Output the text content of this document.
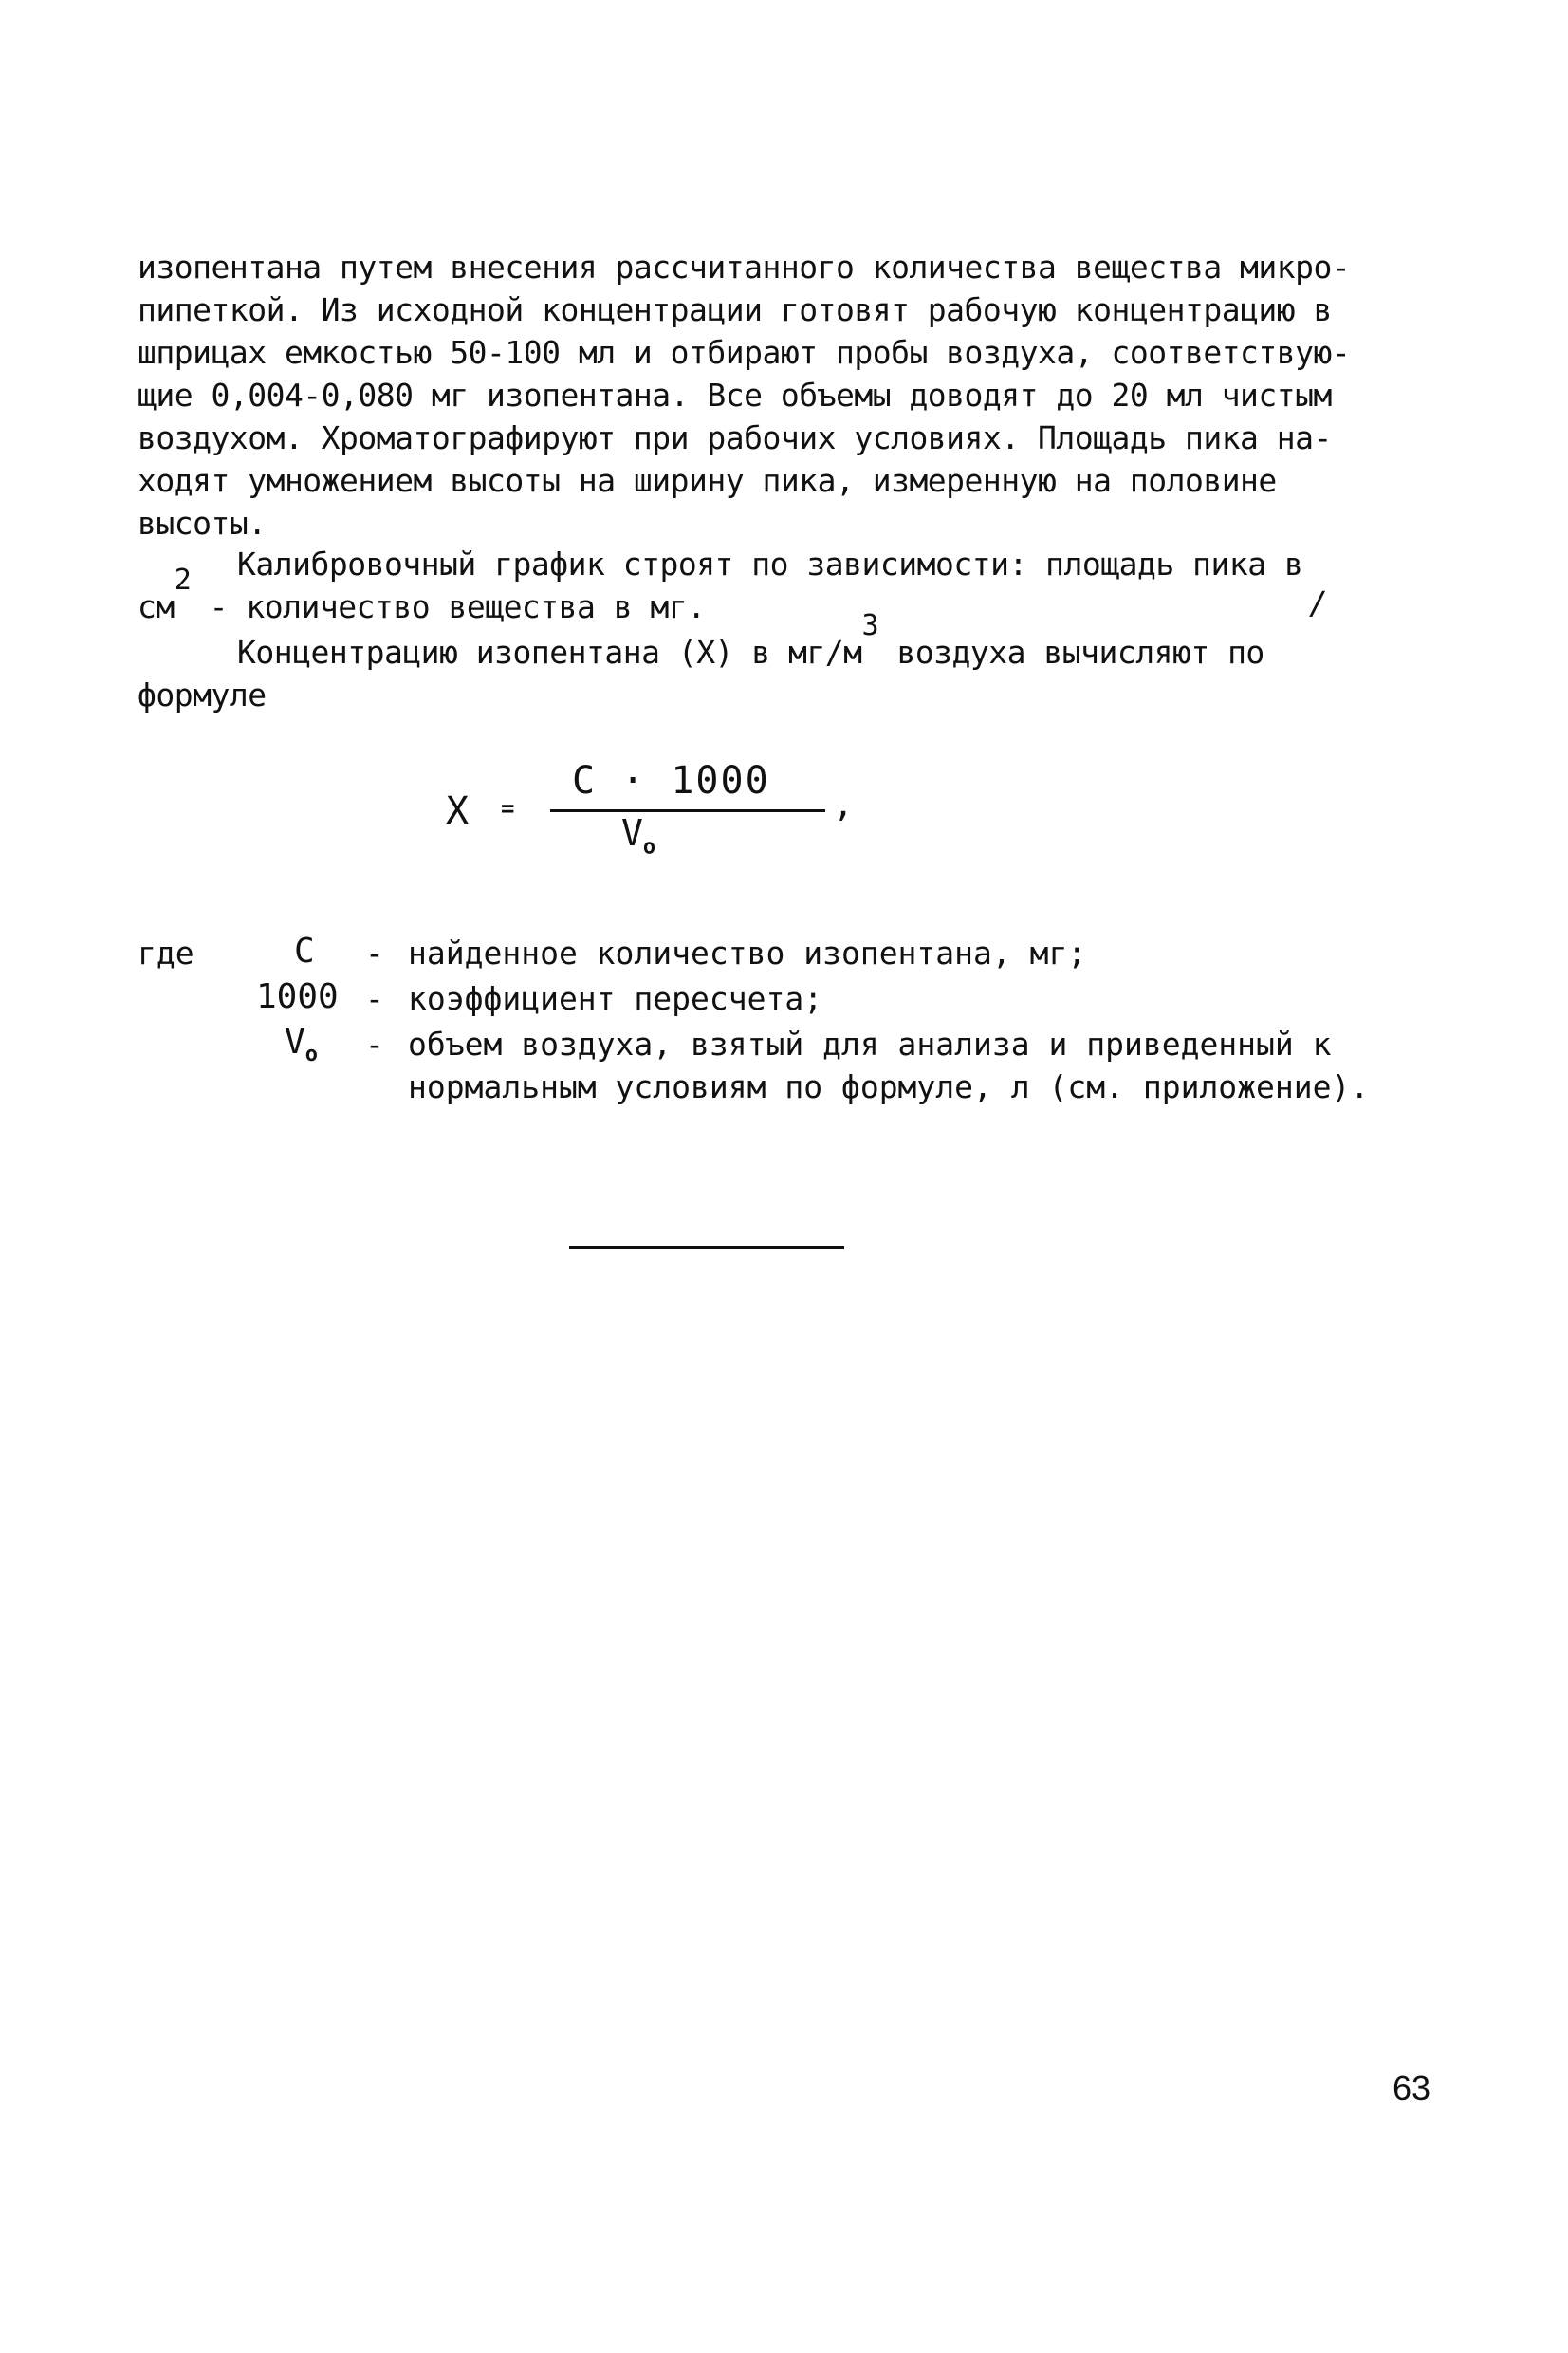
изопентана путем внесения рассчитанного количества вещества микро-
пипеткой. Из исходной концентрации готовят рабочую концентрацию в
шприцах емкостью 50-100 мл и отбирают пробы воздуха, соответствую-
щие 0,004-0,080 мг изопентана. Все объемы доводят до 20 мл чистым
воздухом. Хроматографируют при рабочих условиях. Площадь пика на-
ходят умножением высоты на ширину пика, измеренную на половине
высоты.
Калибровочный график строят по зависимости: площадь пика в
см2 - количество вещества в мг.	/
Концентрацию изопентана (X) в мг/м3 воздуха вычисляют по
формуле
X =
C · 1000
$V_o$
,
где	C - найденное количество изопентана, мг;
1000 - коэффициент пересчета;
$V_o$ - объем воздуха, взятый для анализа и приведенный к
нормальным условиям по формуле, л (см. приложение).
63
